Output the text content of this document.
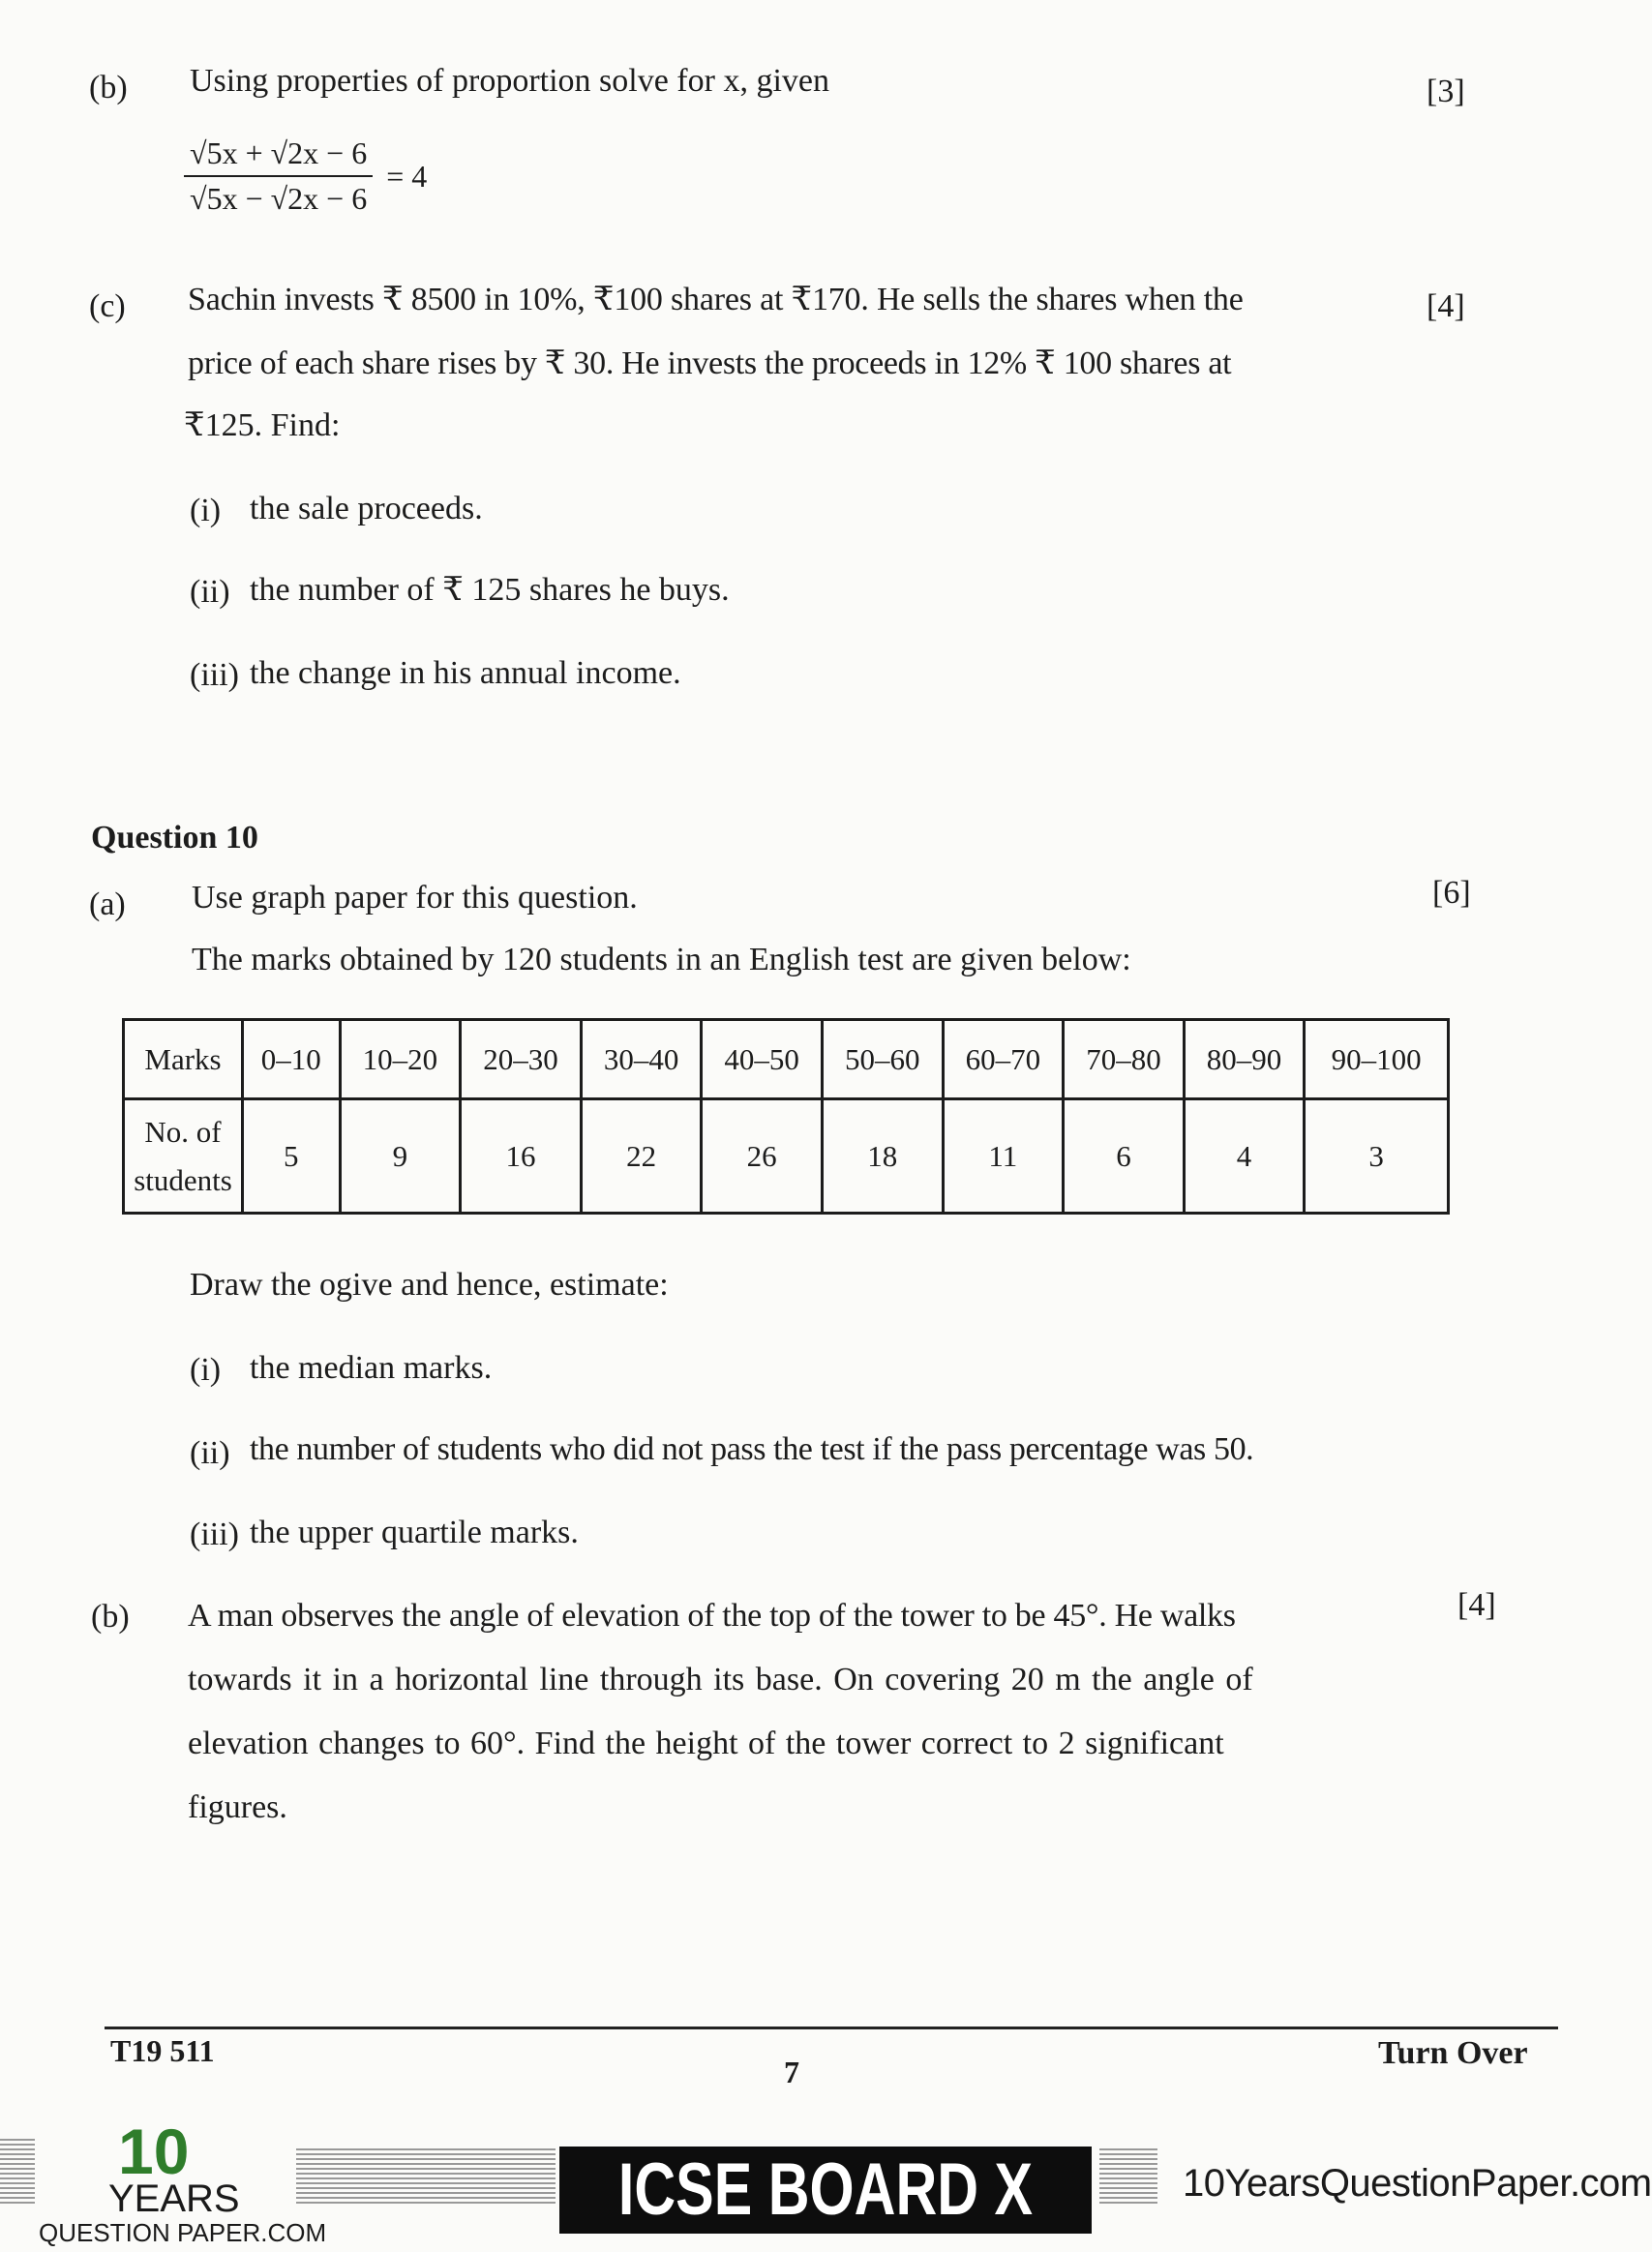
(b) Using properties of proportion solve for x, given	[3]
$\frac{√5x + √2x - 6}{√5x - √2x - 6} = 4$
(c)	[4]
Sachin invests ₹ 8500 in 10%, ₹100 shares at ₹170. He sells the shares when the
price of each share rises by ₹ 30. He invests the proceeds in 12% ₹ 100 shares at
₹125. Find:
(i) the sale proceeds.
(ii) the number of ₹ 125 shares he buys.
(iii) the change in his annual income.
Question 10
(a) Use graph paper for this question.	[6]
The marks obtained by 120 students in an English test are given below:
Marks	0–10	10–20	20–30	30–40	40–50	50–60	60–70	70–80	80–90	90–100

No. of
students	5	9	16	22	26	18	11	6	4	3
Draw the ogive and hence, estimate:
(i) the median marks.
(ii) the number of students who did not pass the test if the pass percentage was 50.
(iii) the upper quartile marks.
(b)	[4]
A man observes the angle of elevation of the top of the tower to be 45°. He walks
towards it in a horizontal line through its base. On covering 20 m the angle of
elevation changes to 60°. Find the height of the tower correct to 2 significant
figures.
T19 511
7
Turn Over
10
YEARS
QUESTION PAPER.COM
ICSE BOARD X	10YearsQuestionPaper.com
